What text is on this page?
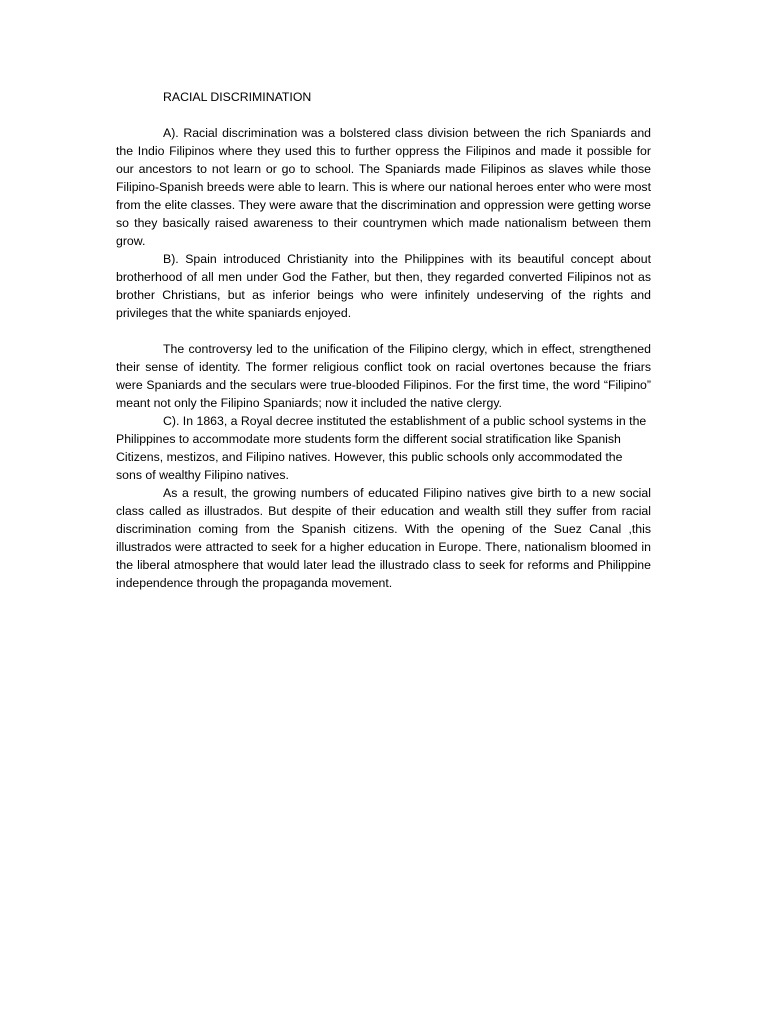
RACIAL DISCRIMINATION

A). Racial discrimination was a bolstered class division between the rich Spaniards and the Indio Filipinos where they used this to further oppress the Filipinos and made it possible for our ancestors to not learn or go to school. The Spaniards made Filipinos as slaves while those Filipino-Spanish breeds were able to learn. This is where our national heroes enter who were most from the elite classes. They were aware that the discrimination and oppression were getting worse so they basically raised awareness to their countrymen which made nationalism between them grow.

B). Spain introduced Christianity into the Philippines with its beautiful concept about brotherhood of all men under God the Father, but then, they regarded converted Filipinos not as brother Christians, but as inferior beings who were infinitely undeserving of the rights and privileges that the white spaniards enjoyed.

The controversy led to the unification of the Filipino clergy, which in effect, strengthened their sense of identity. The former religious conflict took on racial overtones because the friars were Spaniards and the seculars were true-blooded Filipinos. For the first time, the word “Filipino” meant not only the Filipino Spaniards; now it included the native clergy.

C). In 1863, a Royal decree instituted the establishment of a public school systems in the Philippines to accommodate more students form the different social stratification like Spanish Citizens, mestizos, and Filipino natives. However, this public schools only accommodated the sons of wealthy Filipino natives.

As a result, the growing numbers of educated Filipino natives give birth to a new social class called as illustrados. But despite of their education and wealth still they suffer from racial discrimination coming from the Spanish citizens. With the opening of the Suez Canal ,this illustrados were attracted to seek for a higher education in Europe. There, nationalism bloomed in the liberal atmosphere that would later lead the illustrado class to seek for reforms and Philippine independence through the propaganda movement.
